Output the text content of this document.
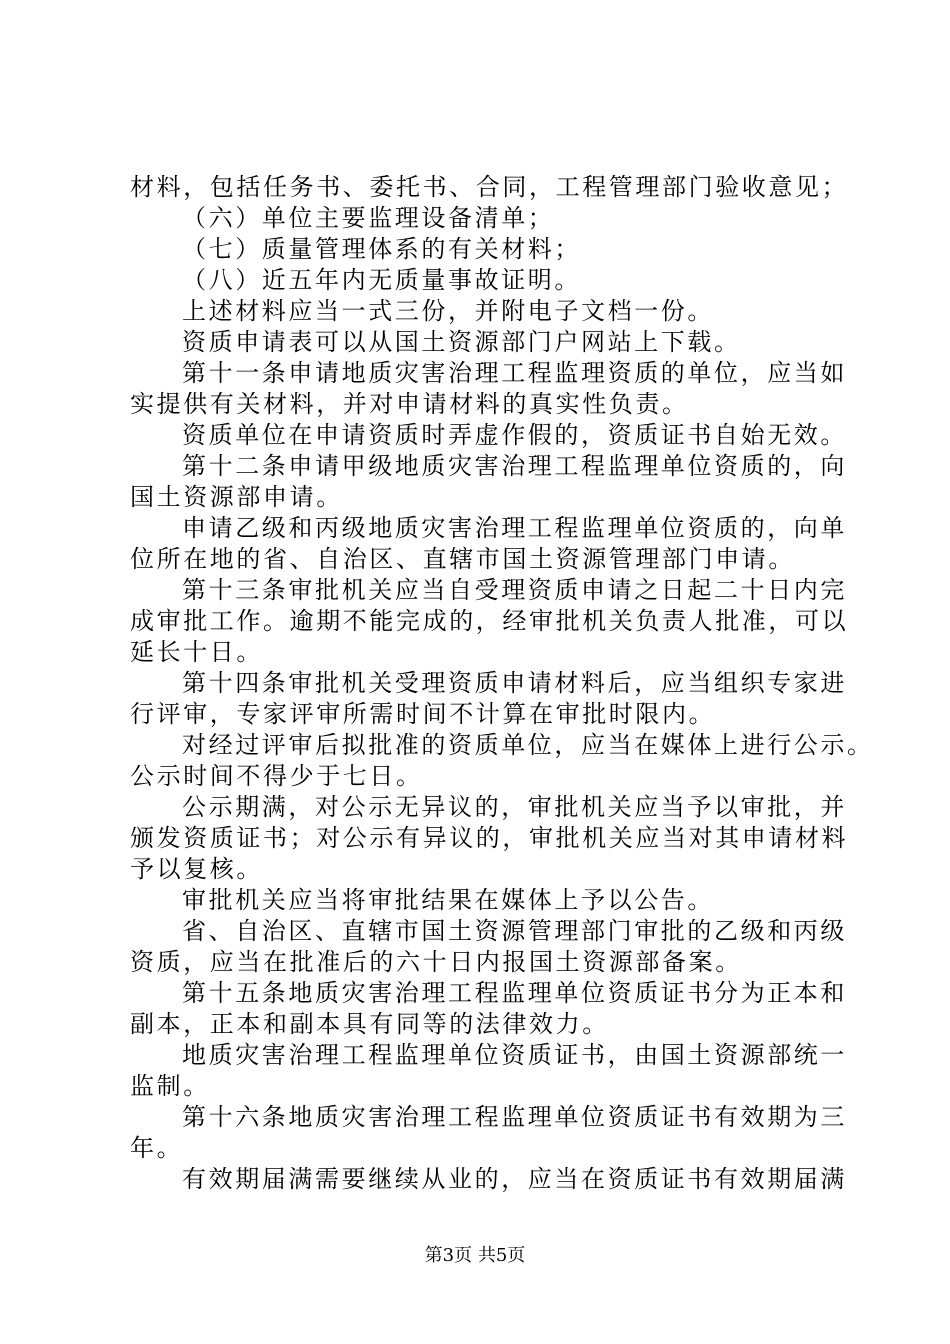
材料，包括任务书、委托书、合同，工程管理部门验收意见；
（六）单位主要监理设备清单；
（七）质量管理体系的有关材料；
（八）近五年内无质量事故证明。
上述材料应当一式三份，并附电子文档一份。
资质申请表可以从国土资源部门户网站上下载。
第十一条申请地质灾害治理工程监理资质的单位，应当如
实提供有关材料，并对申请材料的真实性负责。
资质单位在申请资质时弄虚作假的，资质证书自始无效。
第十二条申请甲级地质灾害治理工程监理单位资质的，向
国土资源部申请。
申请乙级和丙级地质灾害治理工程监理单位资质的，向单
位所在地的省、自治区、直辖市国土资源管理部门申请。
第十三条审批机关应当自受理资质申请之日起二十日内完
成审批工作。逾期不能完成的，经审批机关负责人批准，可以
延长十日。
第十四条审批机关受理资质申请材料后，应当组织专家进
行评审，专家评审所需时间不计算在审批时限内。
对经过评审后拟批准的资质单位，应当在媒体上进行公示。
公示时间不得少于七日。
公示期满，对公示无异议的，审批机关应当予以审批，并
颁发资质证书；对公示有异议的，审批机关应当对其申请材料
予以复核。
审批机关应当将审批结果在媒体上予以公告。
省、自治区、直辖市国土资源管理部门审批的乙级和丙级
资质，应当在批准后的六十日内报国土资源部备案。
第十五条地质灾害治理工程监理单位资质证书分为正本和
副本，正本和副本具有同等的法律效力。
地质灾害治理工程监理单位资质证书，由国土资源部统一
监制。
第十六条地质灾害治理工程监理单位资质证书有效期为三
年。
有效期届满需要继续从业的，应当在资质证书有效期届满
第3页 共5页
